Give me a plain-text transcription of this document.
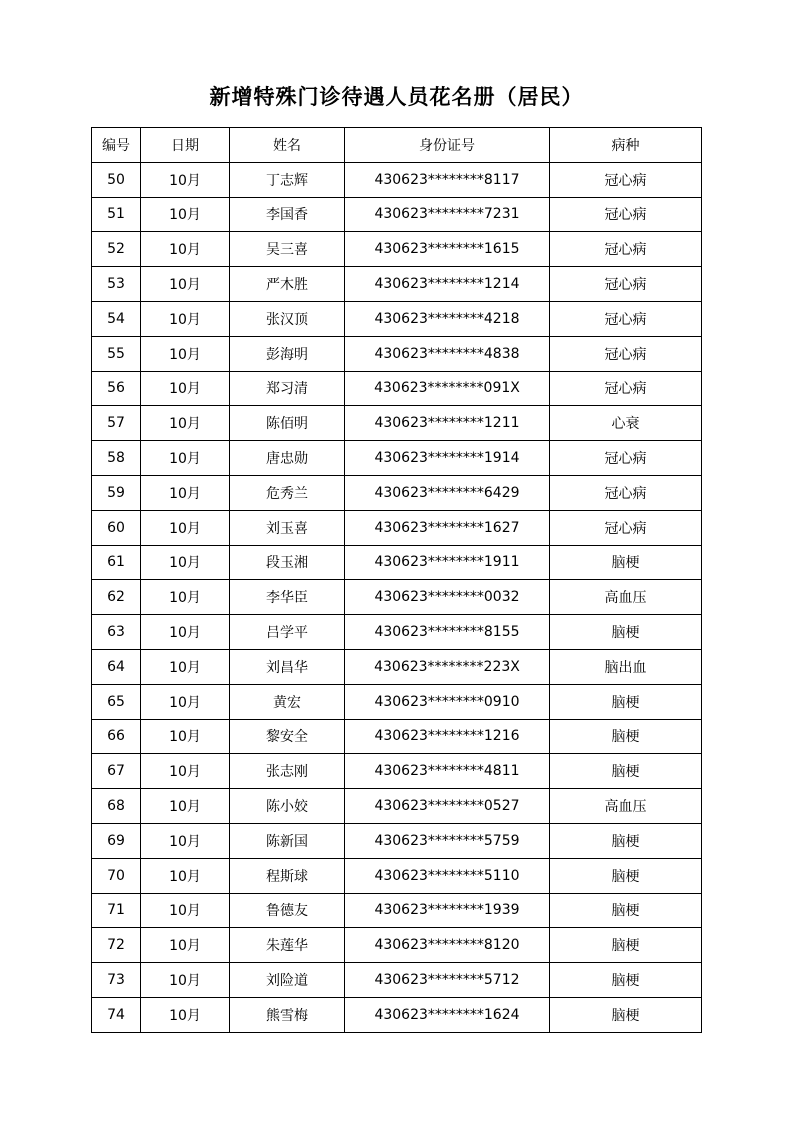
新增特殊门诊待遇人员花名册（居民）
编号	日期	姓名	身份证号	病种
50	10月	丁志辉	430623********8117	冠心病
51	10月	李国香	430623********7231	冠心病
52	10月	吴三喜	430623********1615	冠心病
53	10月	严木胜	430623********1214	冠心病
54	10月	张汉顶	430623********4218	冠心病
55	10月	彭海明	430623********4838	冠心病
56	10月	郑习清	430623********091X	冠心病
57	10月	陈佰明	430623********1211	心衰
58	10月	唐忠勋	430623********1914	冠心病
59	10月	危秀兰	430623********6429	冠心病
60	10月	刘玉喜	430623********1627	冠心病
61	10月	段玉湘	430623********1911	脑梗
62	10月	李华臣	430623********0032	高血压
63	10月	吕学平	430623********8155	脑梗
64	10月	刘昌华	430623********223X	脑出血
65	10月	黄宏	430623********0910	脑梗
66	10月	黎安全	430623********1216	脑梗
67	10月	张志刚	430623********4811	脑梗
68	10月	陈小姣	430623********0527	高血压
69	10月	陈新国	430623********5759	脑梗
70	10月	程斯球	430623********5110	脑梗
71	10月	鲁德友	430623********1939	脑梗
72	10月	朱莲华	430623********8120	脑梗
73	10月	刘险道	430623********5712	脑梗
74	10月	熊雪梅	430623********1624	脑梗
